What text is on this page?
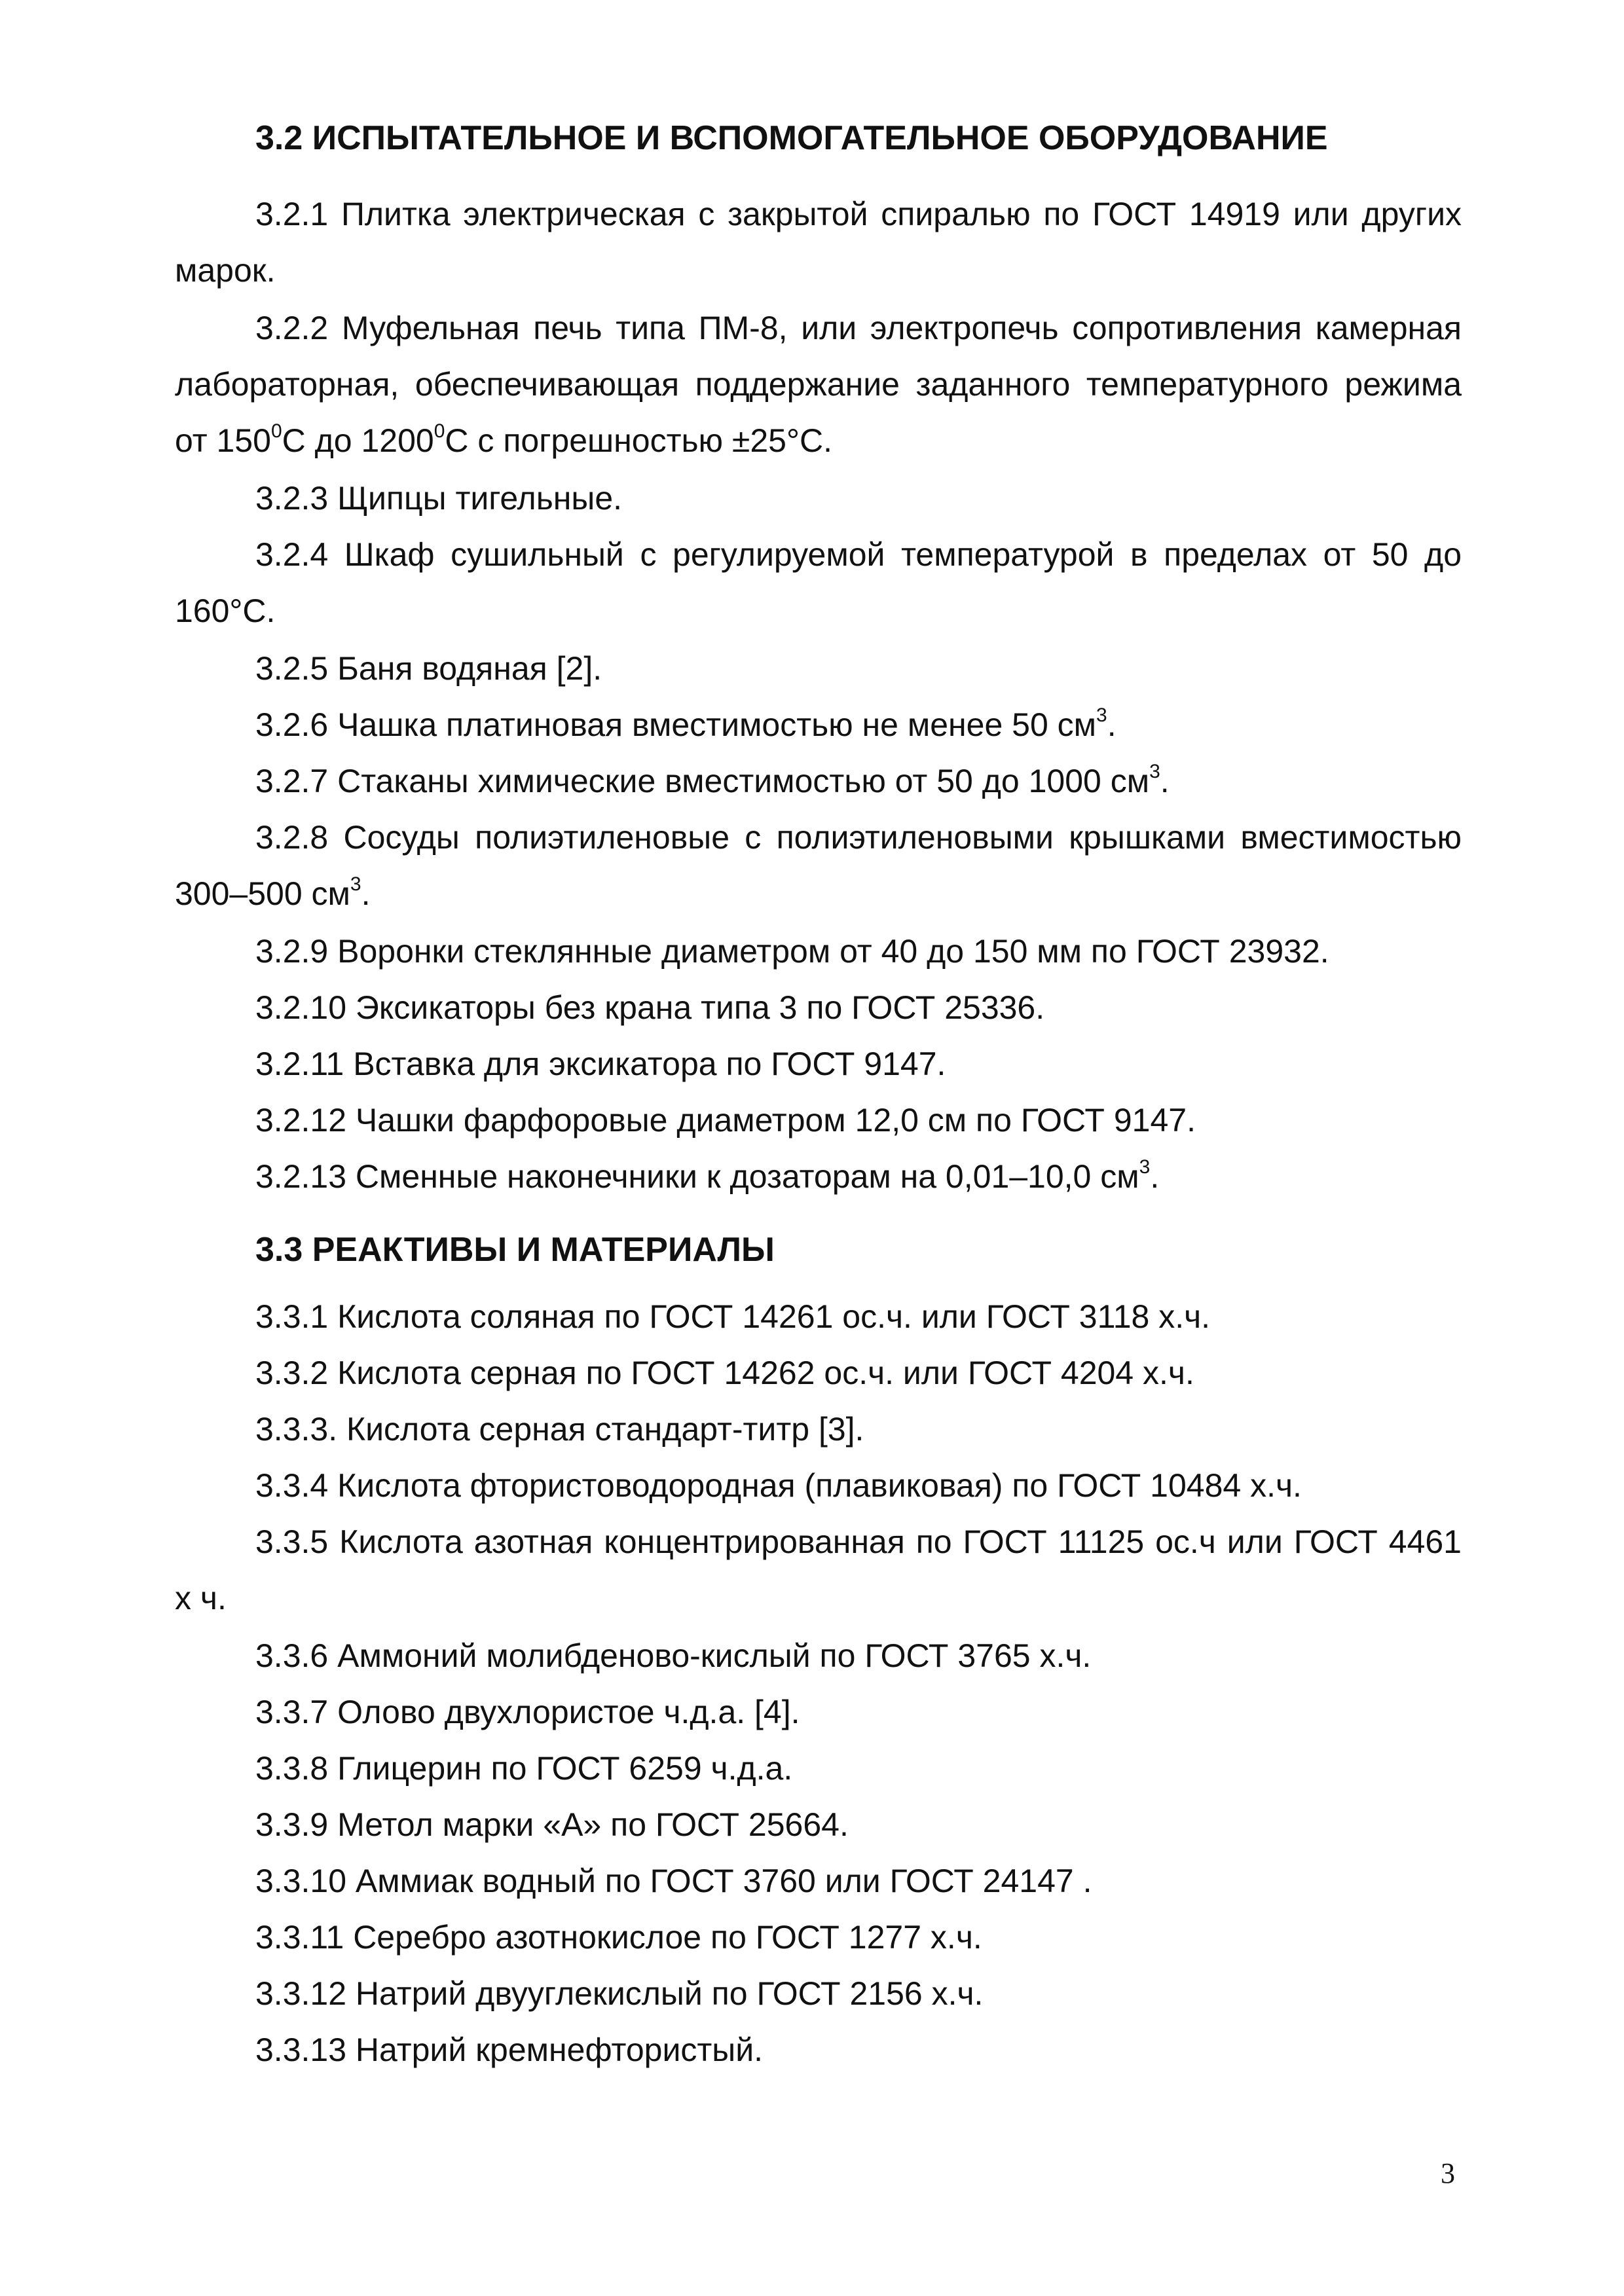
3.2 ИСПЫТАТЕЛЬНОЕ И ВСПОМОГАТЕЛЬНОЕ ОБОРУДОВАНИЕ

3.2.1 Плитка электрическая с закрытой спиралью по ГОСТ 14919 или других марок.

3.2.2 Муфельная печь типа ПМ-8, или электропечь сопротивления камерная лабораторная, обеспечивающая поддержание заданного температурного режима от $150^0С$ до 1200$^0$С с погрешностью ±25°С.

3.2.3 Щипцы тигельные.

3.2.4 Шкаф сушильный с регулируемой температурой в пределах от 50 до 160°С.

3.2.5 Баня водяная [2].

3.2.6 Чашка платиновая вместимостью не менее 50 $см^3$.

3.2.7 Стаканы химические вместимостью от 50 до 1000 $см^3$.

3.2.8 Сосуды полиэтиленовые с полиэтиленовыми крышками вместимостью 300–500 $см^3$.

3.2.9 Воронки стеклянные диаметром от 40 до 150 мм по ГОСТ 23932.

3.2.10 Эксикаторы без крана типа 3 по ГОСТ 25336.

3.2.11 Вставка для эксикатора по ГОСТ 9147.

3.2.12 Чашки фарфоровые диаметром 12,0 см по ГОСТ 9147.

3.2.13 Сменные наконечники к дозаторам на 0,01–10,0 $см^3$.

3.3 РЕАКТИВЫ И МАТЕРИАЛЫ

3.3.1 Кислота соляная по ГОСТ 14261 ос.ч. или ГОСТ 3118 х.ч.

3.3.2 Кислота серная по ГОСТ 14262 ос.ч. или ГОСТ 4204 х.ч.

3.3.3. Кислота серная стандарт-титр [3].

3.3.4 Кислота фтористоводородная (плавиковая) по ГОСТ 10484 х.ч.

3.3.5 Кислота азотная концентрированная по ГОСТ 11125 ос.ч или ГОСТ 4461 х ч.

3.3.6 Аммоний молибденово-кислый по ГОСТ 3765 х.ч.

3.3.7 Олово двухлористое ч.д.а. [4].

3.3.8 Глицерин по ГОСТ 6259 ч.д.а.

3.3.9 Метол марки «А» по ГОСТ 25664.

3.3.10 Аммиак водный по ГОСТ 3760 или ГОСТ 24147 .

3.3.11 Серебро азотнокислое по ГОСТ 1277 х.ч.

3.3.12 Натрий двууглекислый по ГОСТ 2156 х.ч.

3.3.13 Натрий кремнефтористый.

3
